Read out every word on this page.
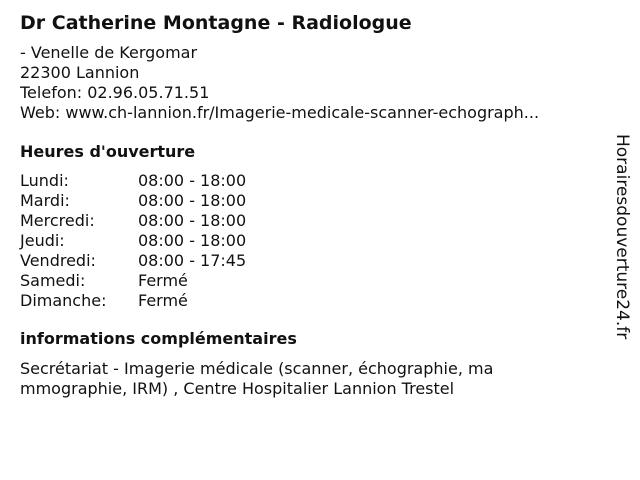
Dr Catherine Montagne - Radiologue
- Venelle de Kergomar
22300 Lannion
Telefon: 02.96.05.71.51
Web: www.ch-lannion.fr/Imagerie-medicale-scanner-echograph...
Heures d'ouverture
Lundi:	08:00 - 18:00
Mardi:	08:00 - 18:00
Mercredi:	08:00 - 18:00
Jeudi:	08:00 - 18:00
Vendredi:	08:00 - 17:45
Samedi:	Fermé
Dimanche:	Fermé
informations complémentaires
Secrétariat - Imagerie médicale (scanner, échographie, mammographie, IRM) , Centre Hospitalier Lannion Trestel
Horairesdouverture24.fr
